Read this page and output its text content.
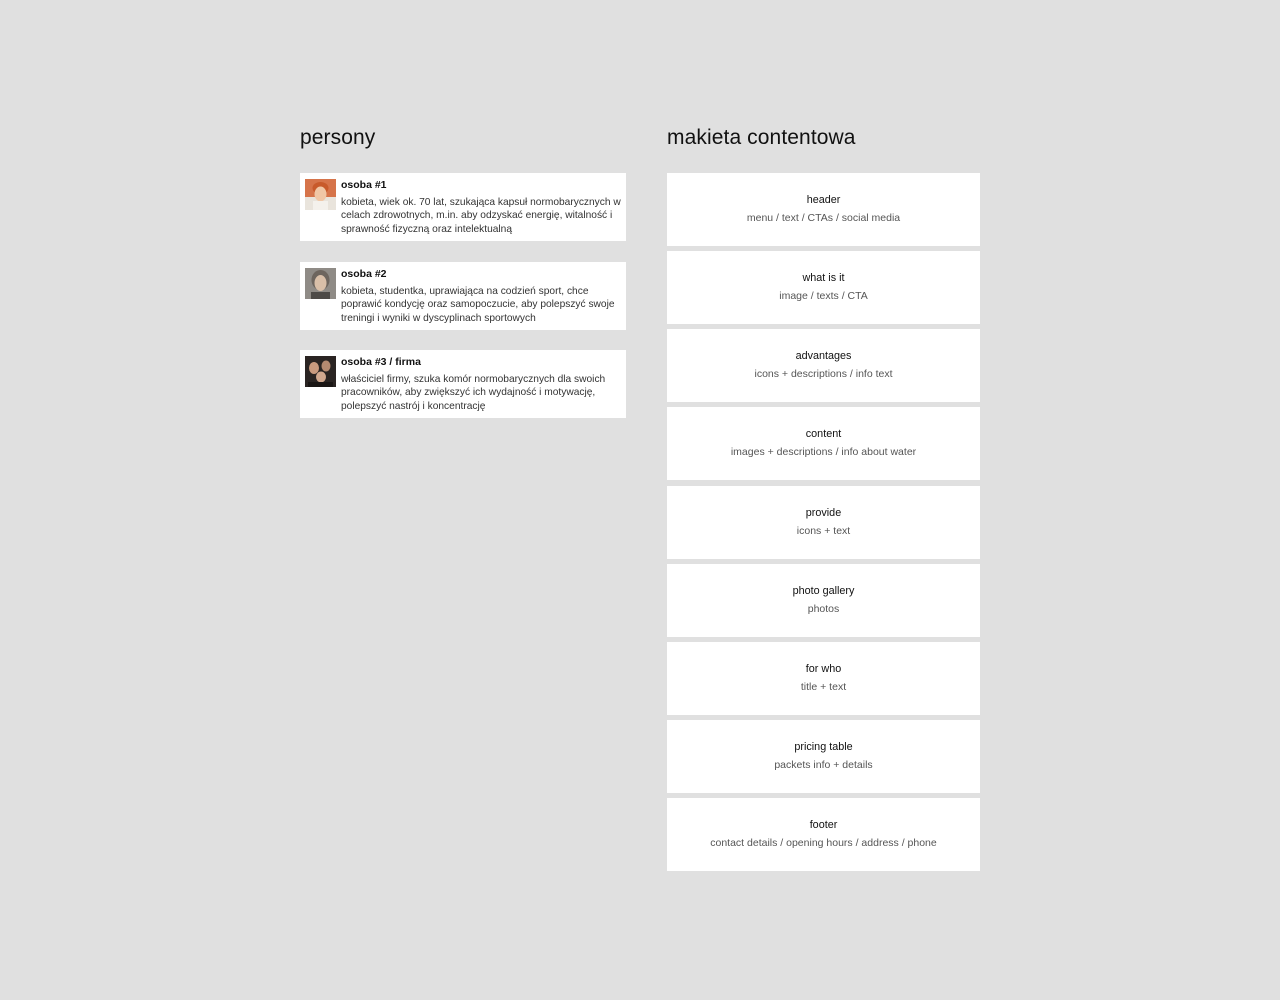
persony	makieta contentowa
osoba #1
kobieta, wiek ok. 70 lat, szukająca kapsuł normobarycznych w celach zdrowotnych, m.in. aby odzyskać energię, witalność i sprawność fizyczną oraz intelektualną
osoba #2
kobieta, studentka, uprawiająca na codzień sport, chce poprawić kondycję oraz samopoczucie, aby polepszyć swoje treningi i wyniki w dyscyplinach sportowych
osoba #3 / firma
właściciel firmy, szuka komór normobarycznych dla swoich pracowników, aby zwiększyć ich wydajność i motywację, polepszyć nastrój i koncentrację
header
menu / text / CTAs / social media
what is it
image / texts / CTA
advantages
icons + descriptions / info text
content
images + descriptions / info about water
provide
icons + text
photo gallery
photos
for who
title + text
pricing table
packets info + details
footer
contact details / opening hours / address / phone
